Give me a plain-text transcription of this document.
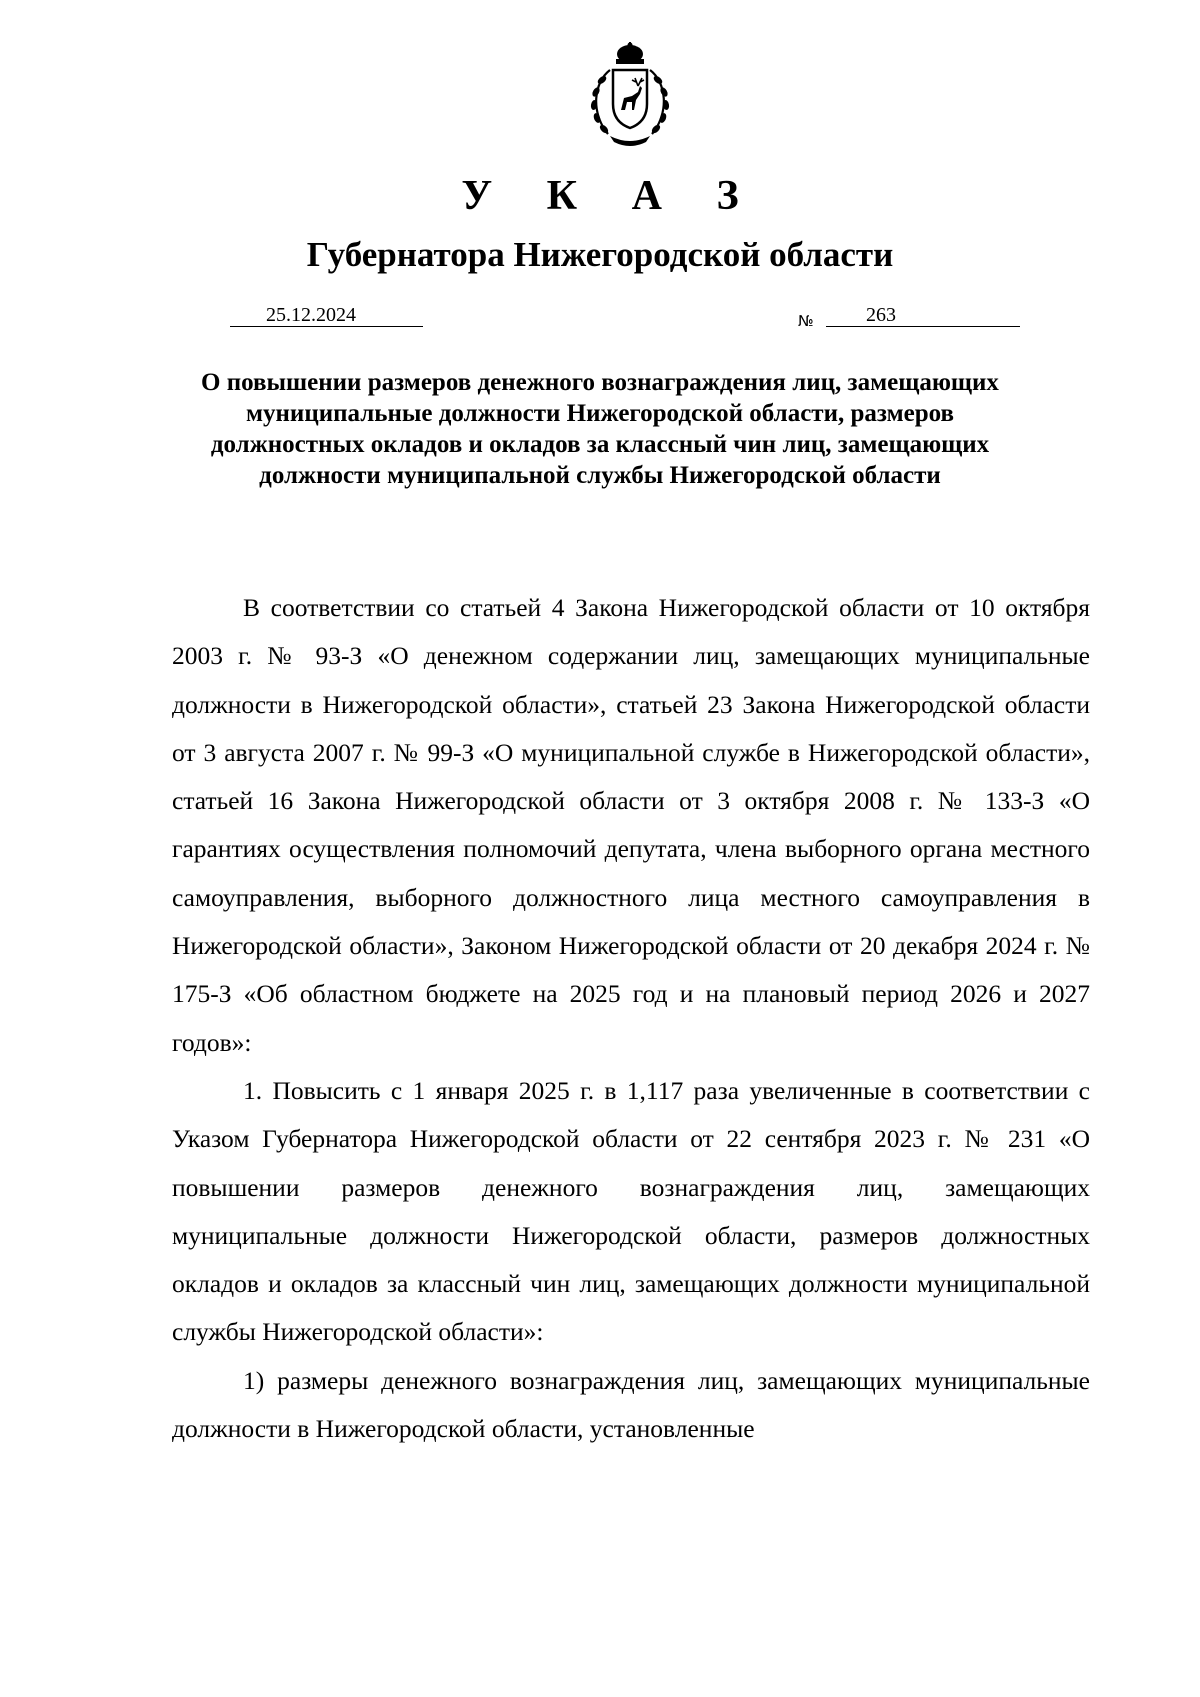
У К А З
Губернатора Нижегородской области
25.12.2024	№	263
О повышении размеров денежного вознаграждения лиц, замещающих муниципальные должности Нижегородской области, размеров должностных окладов и окладов за классный чин лиц, замещающих должности муниципальной службы Нижегородской области

В соответствии со статьей 4 Закона Нижегородской области от 10 октября 2003 г. № 93-З «О денежном содержании лиц, замещающих муниципальные должности в Нижегородской области», статьей 23 Закона Нижегородской области от 3 августа 2007 г. № 99-З «О муниципальной службе в Нижегородской области», статьей 16 Закона Нижегородской области от 3 октября 2008 г. № 133-З «О гарантиях осуществления полномочий депутата, члена выборного органа местного самоуправления, выборного должностного лица местного самоуправления в Нижегородской области», Законом Нижегородской области от 20 декабря 2024 г. № 175-З «Об областном бюджете на 2025 год и на плановый период 2026 и 2027 годов»:

1. Повысить с 1 января 2025 г. в 1,117 раза увеличенные в соответствии с Указом Губернатора Нижегородской области от 22 сентября 2023 г. № 231 «О повышении размеров денежного вознаграждения лиц, замещающих муниципальные должности Нижегородской области, размеров должностных окладов и окладов за классный чин лиц, замещающих должности муниципальной службы Нижегородской области»:

1) размеры денежного вознаграждения лиц, замещающих муниципальные должности в Нижегородской области, установленные
